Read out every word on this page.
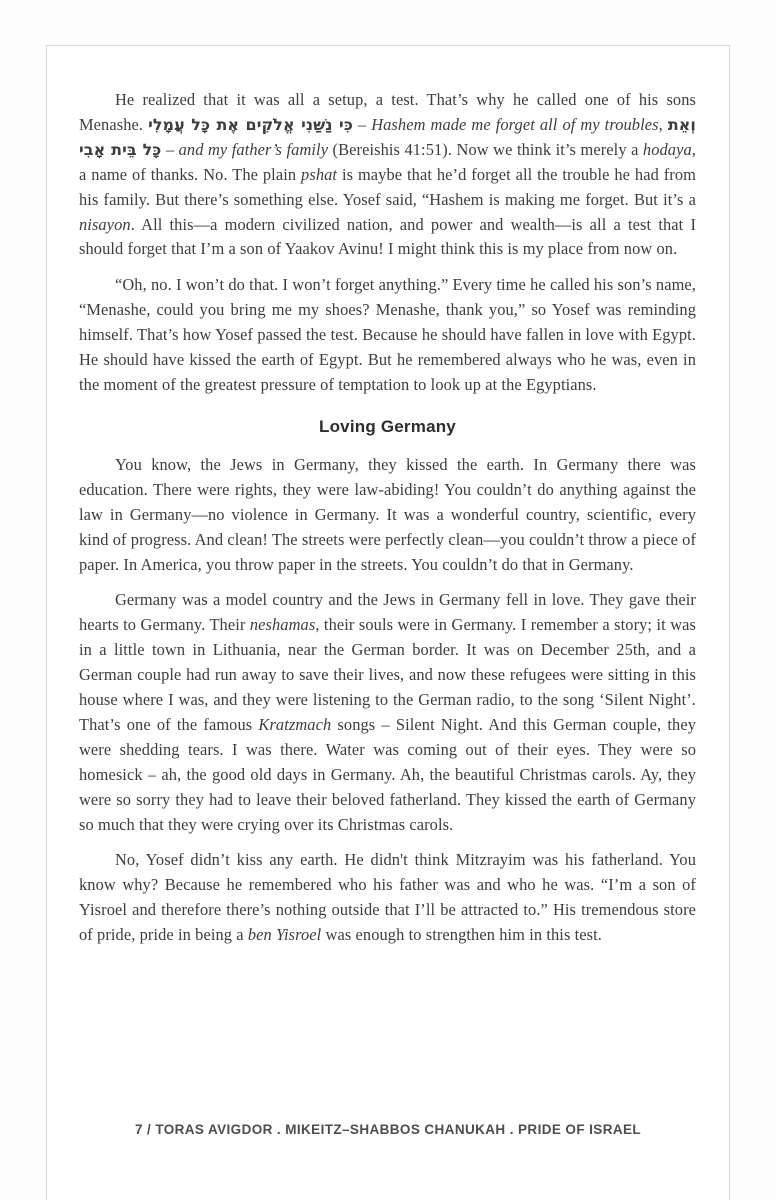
He realized that it was all a setup, a test. That’s why he called one of his sons Menashe. כִּי נַשַּׁנִי אֱלֹקִים אֶת כָּל עֲמָלִי – Hashem made me forget all of my troubles, וְאֵת כָּל בֵּית אָבִי – and my father’s family (Bereishis 41:51). Now we think it’s merely a hodaya, a name of thanks. No. The plain pshat is maybe that he’d forget all the trouble he had from his family. But there’s something else. Yosef said, “Hashem is making me forget. But it’s a nisayon. All this—a modern civilized nation, and power and wealth—is all a test that I should forget that I’m a son of Yaakov Avinu! I might think this is my place from now on.

“Oh, no. I won’t do that. I won’t forget anything.” Every time he called his son’s name, “Menashe, could you bring me my shoes? Menashe, thank you,” so Yosef was reminding himself. That’s how Yosef passed the test. Because he should have fallen in love with Egypt. He should have kissed the earth of Egypt. But he remembered always who he was, even in the moment of the greatest pressure of temptation to look up at the Egyptians.

Loving Germany

You know, the Jews in Germany, they kissed the earth. In Germany there was education. There were rights, they were law-abiding! You couldn’t do anything against the law in Germany—no violence in Germany. It was a wonderful country, scientific, every kind of progress. And clean! The streets were perfectly clean—you couldn’t throw a piece of paper. In America, you throw paper in the streets. You couldn’t do that in Germany.

Germany was a model country and the Jews in Germany fell in love. They gave their hearts to Germany. Their neshamas, their souls were in Germany. I remember a story; it was in a little town in Lithuania, near the German border. It was on December 25th, and a German couple had run away to save their lives, and now these refugees were sitting in this house where I was, and they were listening to the German radio, to the song ‘Silent Night’. That’s one of the famous Kratzmach songs – Silent Night. And this German couple, they were shedding tears. I was there. Water was coming out of their eyes. They were so homesick – ah, the good old days in Germany. Ah, the beautiful Christmas carols. Ay, they were so sorry they had to leave their beloved fatherland. They kissed the earth of Germany so much that they were crying over its Christmas carols.

No, Yosef didn’t kiss any earth. He didn't think Mitzrayim was his fatherland. You know why? Because he remembered who his father was and who he was. “I’m a son of Yisroel and therefore there’s nothing outside that I’ll be attracted to.” His tremendous store of pride, pride in being a ben Yisroel was enough to strengthen him in this test.

7 / TORAS AVIGDOR . MIKEITZ–SHABBOS CHANUKAH . PRIDE OF ISRAEL
